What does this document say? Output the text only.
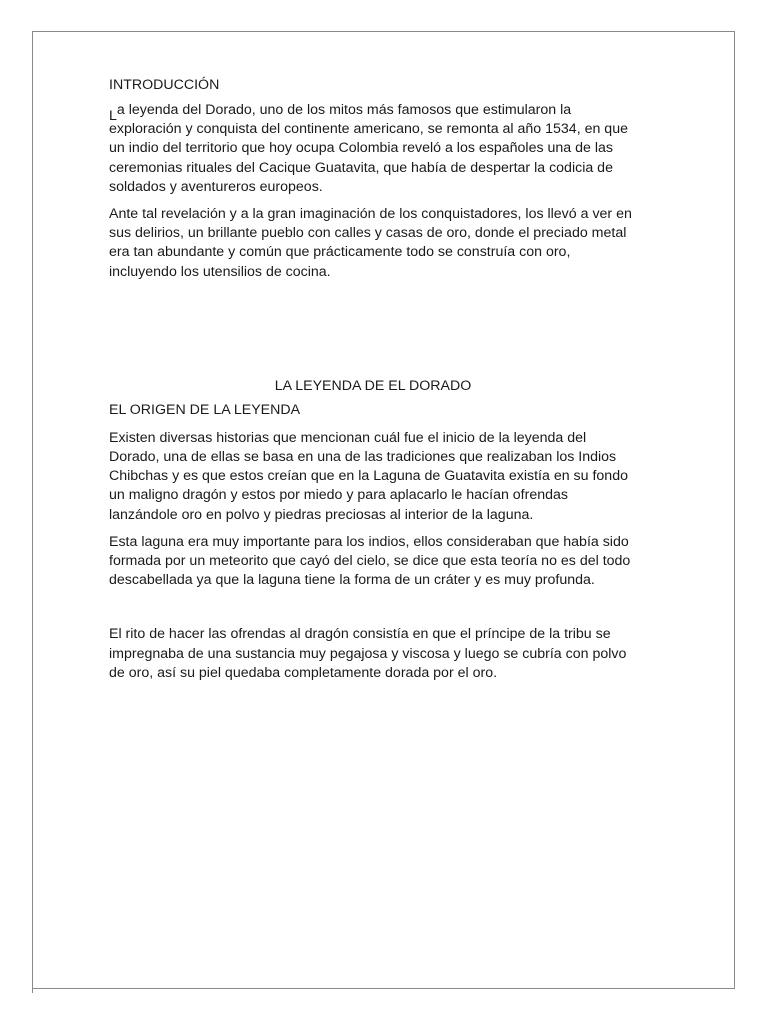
INTRODUCCIÓN

La leyenda del Dorado, uno de los mitos más famosos que estimularon la exploración y conquista del continente americano, se remonta al año 1534, en que un indio del territorio que hoy ocupa Colombia reveló a los españoles una de las ceremonias rituales del Cacique Guatavita, que había de despertar la codicia de soldados y aventureros europeos.

Ante tal revelación y a la gran imaginación de los conquistadores, los llevó a ver en sus delirios, un brillante pueblo con calles y casas de oro, donde el preciado metal era tan abundante y común que prácticamente todo se construía con oro, incluyendo los utensilios de cocina.

LA LEYENDA DE EL DORADO
EL ORIGEN DE LA LEYENDA

Existen diversas historias que mencionan cuál fue el inicio de la leyenda del Dorado, una de ellas se basa en una de las tradiciones que realizaban los Indios Chibchas y es que estos creían que en la Laguna de Guatavita existía en su fondo un maligno dragón y estos por miedo y para aplacarlo le hacían ofrendas lanzándole oro en polvo y piedras preciosas al interior de la laguna.

Esta laguna era muy importante para los indios, ellos consideraban que había sido formada por un meteorito que cayó del cielo, se dice que esta teoría no es del todo descabellada ya que la laguna tiene la forma de un cráter y es muy profunda.

El rito de hacer las ofrendas al dragón consistía en que el príncipe de la tribu se impregnaba de una sustancia muy pegajosa y viscosa y luego se cubría con polvo de oro, así su piel quedaba completamente dorada por el oro.
